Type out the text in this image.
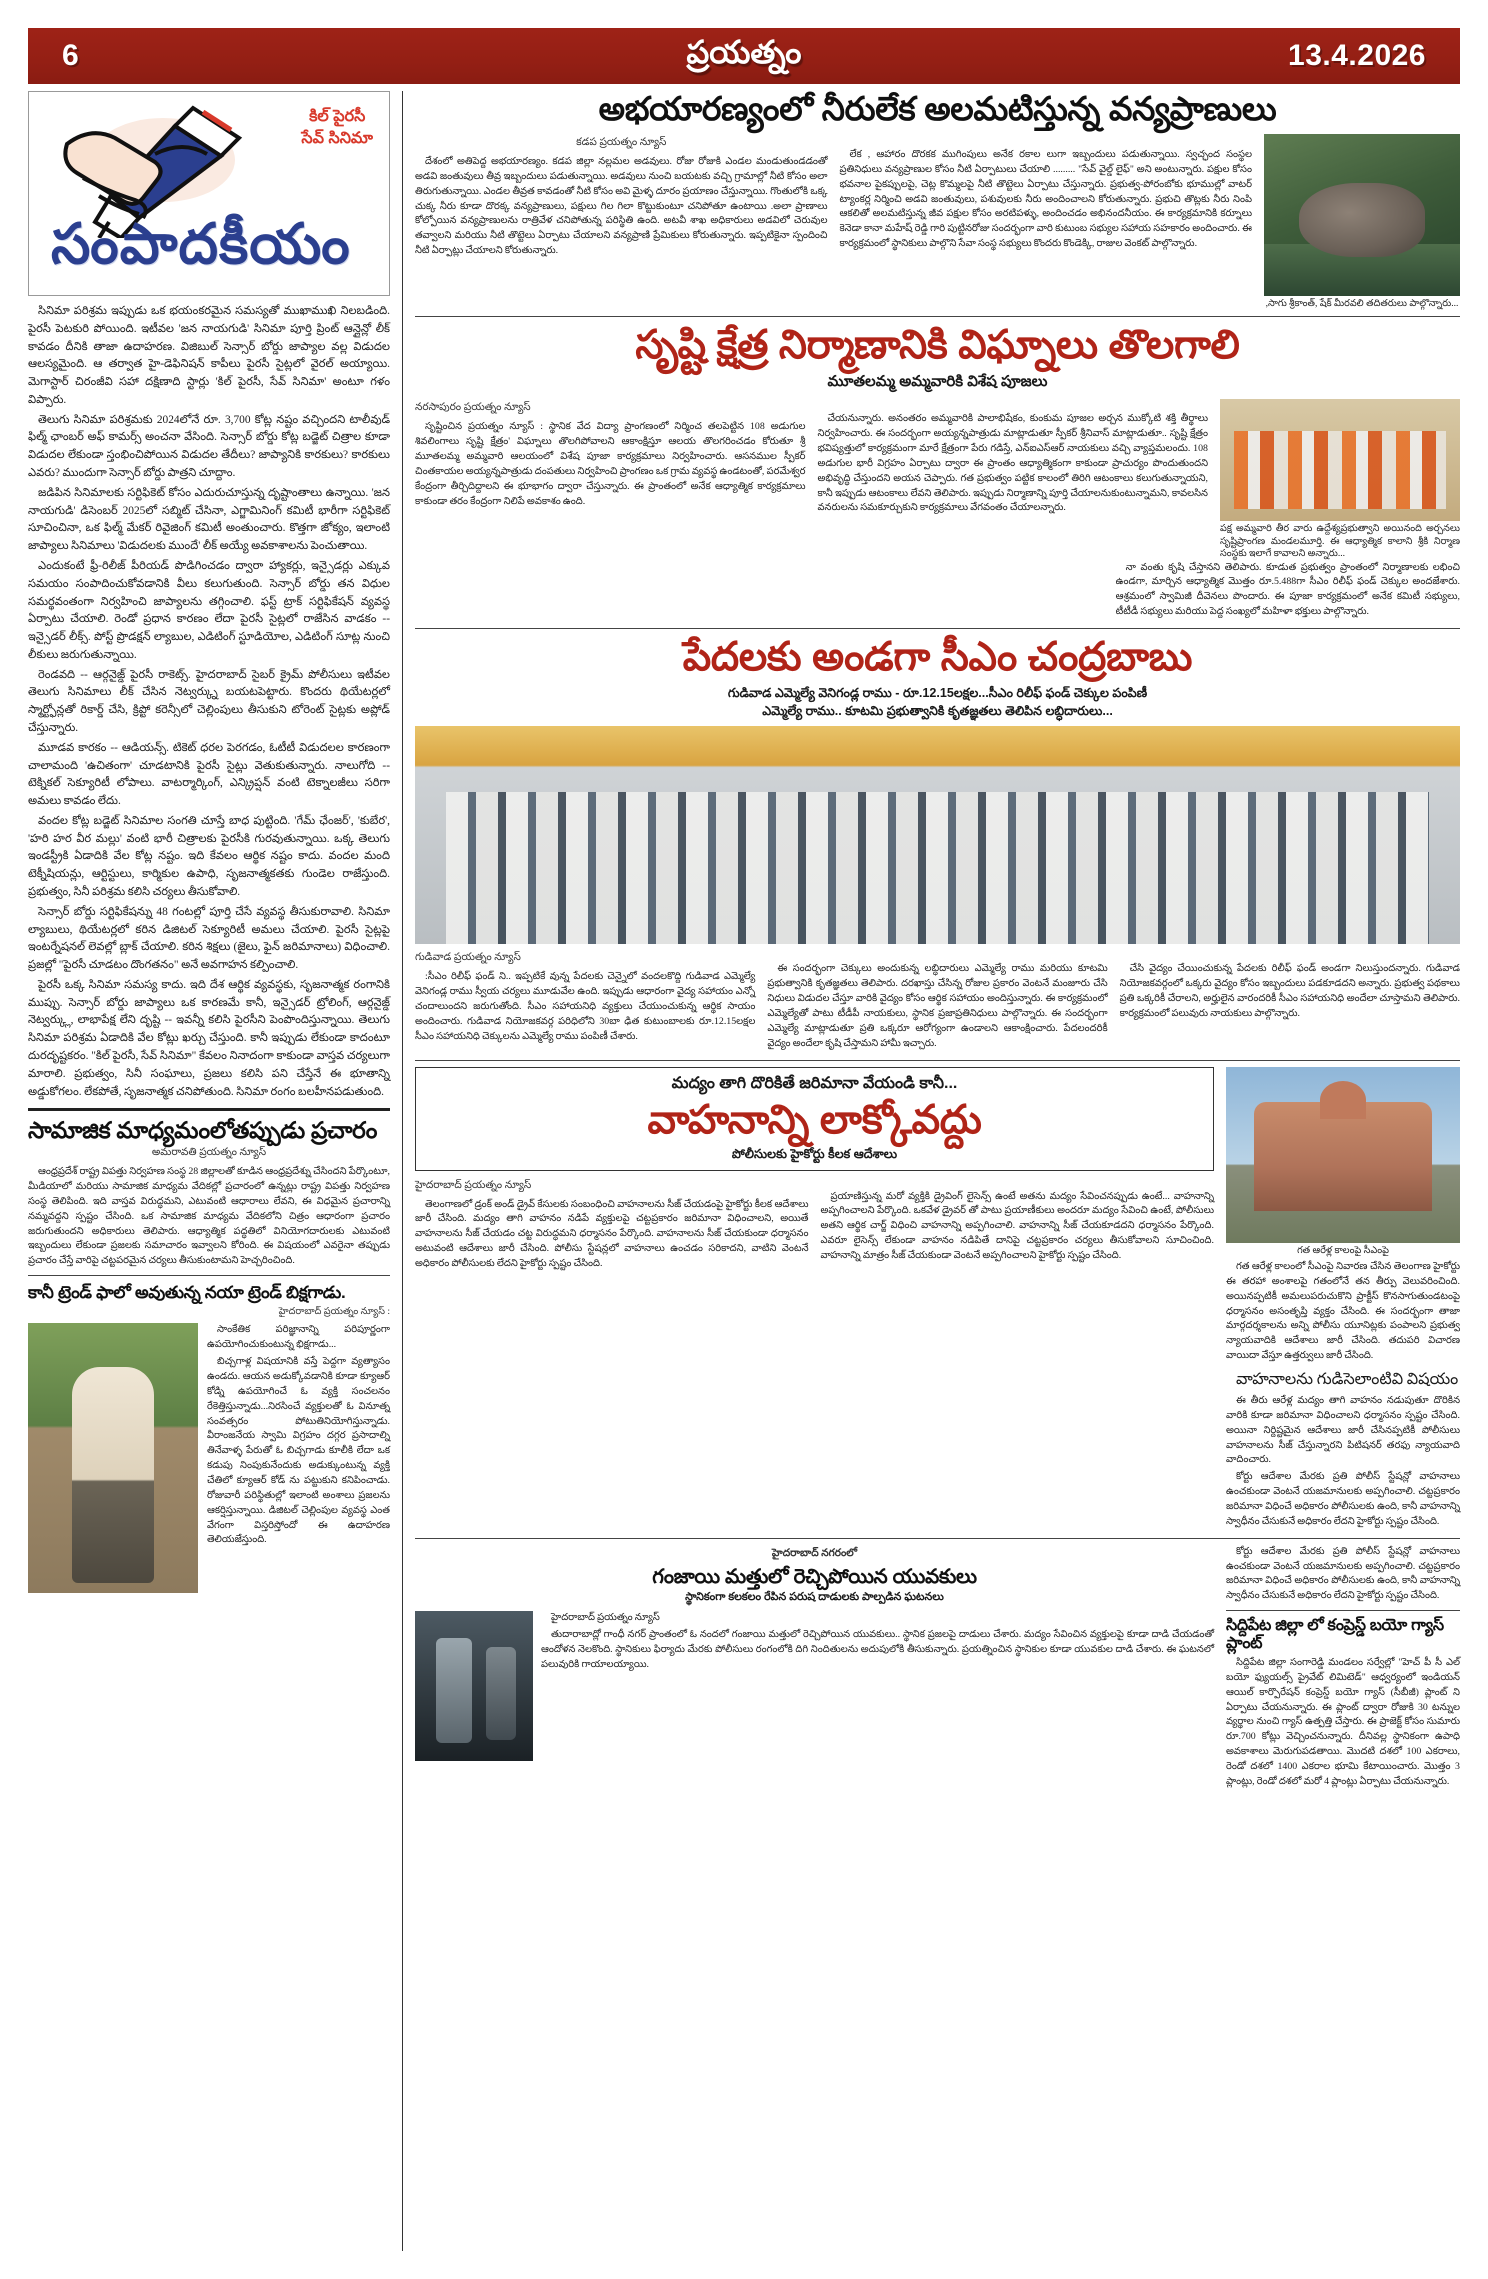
6	ప్రయత్నం	13.4.2026
కిల్ పైరసీ
సేవ్ సినిమా
సంపాదకీయం

సినిమా పరిశ్రమ ఇప్పుడు ఒక భయంకరమైన సమస్యతో ముఖాముఖి నిలబడింది. పైరసీ పెటకురి పోయింది. ఇటీవల 'జన నాయగుడి' సినిమా పూర్తి ప్రింట్ ఆన్లైన్లో లీక్ కావడం దీనికి తాజా ఉదాహరణ. విజిబుల్ సెన్సార్ బోర్డు జాప్యాల వల్ల విడుదల ఆలస్యమైంది. ఆ తర్వాత హై-డెఫినిషన్ కాపీలు పైరసీ సైట్లలో వైరల్ అయ్యాయి. మెగాస్టార్ చిరంజీవి సహా దక్షిణాది స్టార్లు 'కిల్ పైరసీ, సేవ్ సినిమా' అంటూ గళం విప్పారు.

తెలుగు సినిమా పరిశ్రమకు 2024లోనే రూ. 3,700 కోట్ల నష్టం వచ్చిందని టాలీవుడ్ ఫిల్మ్ ఛాంబర్ అఫ్ కామర్స్ అంచనా వేసింది. సెన్సార్ బోర్డు కోట్ల బడ్జెట్ చిత్రాల కూడా విడుదల లేకుండా స్తంభించిపోయిన విడుదల తేదీలు? జాప్యానికి కారకులు? కారకులు ఎవరు? ముందుగా సెన్సార్ బోర్డు పాత్రని చూద్దాం.

జడిపిన సినిమాలకు సర్టిఫికెట్ కోసం ఎదురుచూస్తున్న దృష్టాంతాలు ఉన్నాయి. 'జన నాయగుడి' డిసెంబర్ 2025లో సబ్మిట్ చేసినా, ఎగ్జామినింగ్ కమిటీ భారీగా సర్టిఫికెట్ సూచించినా, ఒక ఫిల్మ్ మేకర్ రివైజింగ్ కమిటీ అంతుంచారు. కొత్తగా జోక్యం, ఇలాంటి జాప్యాలు సినిమాలు 'విడుదలకు ముందే' లీక్ అయ్యే అవకాశాలను పెంచుతాయి.

ఎందుకంటే ఫ్రీ-రిలీజ్ పీరియడ్ పొడిగించడం ద్వారా హ్యాకర్లు, ఇన్సైడర్లు ఎక్కువ సమయం సంపాదించుకోవడానికి వీలు కలుగుతుంది. సెన్సార్ బోర్డు తన విధుల సమర్థవంతంగా నిర్వహించి జాప్యాలను తగ్గించాలి. ఫస్ట్ ట్రాక్ సర్టిఫికేషన్ వ్యవస్థ ఏర్పాటు చేయాలి. రెండో ప్రధాన కారణం లేదా పైరసీ సైట్లలో రాజేసిన వాడకం -- ఇన్సైడర్ లీక్స్. పోస్ట్ ప్రొడక్షన్ ల్యాబుల, ఎడిటింగ్ స్టూడియోల, ఎడిటింగ్ సూట్ల నుంచి లీకులు జరుగుతున్నాయి.

రెండవది -- ఆర్గనైజ్డ్ పైరసీ రాకెట్స్. హైదరాబాద్ సైబర్ క్రైమ్ పోలీసులు ఇటీవల తెలుగు సినిమాలు లీక్ చేసిన నెట్వర్క్ను బయటపెట్టారు. కొందరు థియేటర్లలో స్మార్ట్ఫోన్లతో రికార్డ్ చేసి, క్రిప్టో కరెన్సీలో చెల్లింపులు తీసుకుని టోరెంట్ సైట్లకు అప్లోడ్ చేస్తున్నారు.

మూడవ కారకం -- ఆడియన్స్. టికెట్ ధరల పెరగడం, ఓటీటీ విడుదలల కారణంగా చాలామంది 'ఉచితంగా' చూడటానికి పైరసీ సైట్లు వెతుకుతున్నారు. నాలుగోది -- టెక్నికల్ సెక్యూరిటీ లోపాలు. వాటర్మార్కింగ్, ఎన్క్రిప్షన్ వంటి టెక్నాలజీలు సరిగా అమలు కావడం లేదు.

వందల కోట్ల బడ్జెట్ సినిమాల సంగతి చూస్తే బాధ పుట్టింది. 'గేమ్ ఛేంజర్', 'కుబేర', 'హరి హర వీర మల్లు' వంటి భారీ చిత్రాలకు పైరసీకి గురవుతున్నాయి. ఒక్క తెలుగు ఇండస్ట్రీకి ఏడాదికి వేల కోట్ల నష్టం. ఇది కేవలం ఆర్థిక నష్టం కాదు. వందల మంది టెక్నీషియన్లు, ఆర్టిస్టులు, కార్మికుల ఉపాధి, సృజనాత్మకతకు గుండెల రాజేస్తుంది. ప్రభుత్వం, సినీ పరిశ్రమ కలిసి చర్యలు తీసుకోవాలి.

సెన్సార్ బోర్డు సర్టిఫికేషన్ను 48 గంటల్లో పూర్తి చేసే వ్యవస్థ తీసుకురావాలి. సినిమా ల్యాబులు, థియేటర్లలో కరిన డిజిటల్ సెక్యూరిటీ అమలు చేయాలి. పైరసీ సైట్లపై ఇంటర్నేషనల్ లెవల్లో బ్లాక్ చేయాలి. కరిన శిక్షలు (జైలు, ఫైన్ జరిమానాలు) విధించాలి. ప్రజల్లో "పైరసీ చూడటం దొంగతనం" అనే అవగాహన కల్పించాలి.

పైరసీ ఒక్క సినిమా సమస్య కాదు. ఇది దేశ ఆర్థిక వ్యవస్థకు, సృజనాత్మక రంగానికి ముప్పు. సెన్సార్ బోర్డు జాప్యాలు ఒక కారణమే కానీ, ఇన్సైడర్ ట్రోలింగ్, ఆర్గనైజ్డ్ నెట్వర్క్లు, లాభాపేక్ష లేని దృష్టి -- ఇవన్నీ కలిసి పైరసీని పెంపొందిస్తున్నాయి. తెలుగు సినిమా పరిశ్రమ ఏడాదికి వేల కోట్లు ఖర్చు చేస్తుంది. కానీ ఇప్పుడు లేకుండా కాదంటూ దురదృష్టకరం. "కిల్ పైరసీ, సేవ్ సినిమా" కేవలం నినాదంగా కాకుండా వాస్తవ చర్యలుగా మారాలి. ప్రభుత్వం, సినీ సంఘాలు, ప్రజలు కలిసి పని చేస్తేనే ఈ భూతాన్ని అడ్డుకోగలం. లేకపోతే, సృజనాత్మక చనిపోతుంది. సినిమా రంగం బలహీనపడుతుంది.

సామాజిక మాధ్యమంలోతప్పుడు ప్రచారం
అమరావతి ప్రయత్నం న్యూస్

ఆంధ్రప్రదేశ్ రాష్ట్ర విపత్తు నిర్వహణ సంస్థ 28 జిల్లాలతో కూడిన ఆంధ్రప్రదేశ్ను చేసిందని పేర్కొంటూ, మీడియాలో మరియు సామాజిక మాధ్యమ వేదికల్లో ప్రచారంలో ఉన్నట్లు రాష్ట్ర విపత్తు నిర్వహణ సంస్థ తెలిపింది. ఇది వాస్తవ విరుద్ధమని, ఎటువంటి ఆధారాలు లేవని, ఈ విధమైన ప్రచారాన్ని నమ్మవద్దని స్పష్టం చేసింది. ఒక సామాజిక మాధ్యమ వేదికలోని చిత్రం ఆధారంగా ప్రచారం జరుగుతుందని అధికారులు తెలిపారు. ఆధ్యాత్మిక పద్ధతిలో వినియోగదారులకు ఎటువంటి ఇబ్బందులు లేకుండా ప్రజలకు సమాచారం ఇవ్వాలని కోరింది. ఈ విషయంలో ఎవరైనా తప్పుడు ప్రచారం చేస్తే వారిపై చట్టపరమైన చర్యలు తీసుకుంటామని హెచ్చరించింది.

కానీ ట్రెండ్ ఫాలో అవుతున్న నయా ట్రెండ్ బిక్షగాడు.
హైదరాబాద్ ప్రయత్నం న్యూస్ :

సాంకేతిక పరిజ్ఞానాన్ని పరిపూర్ణంగా ఉపయోగించుకుంటున్న భిక్షగాడు...

బిచ్చగాళ్ల విషయానికి వస్తే పెద్దగా వ్యత్యాసం ఉండదు. ఆయన అడుక్కోవడానికి కూడా క్యూఆర్ కోడ్ని ఉపయోగించే ఓ వ్యక్తి సంచలనం రేకెత్తిస్తున్నాడు...నిరసించే వ్యక్తులతో ఓ వినూత్న సంవత్సరం పోటుతినియోగిస్తున్నాడు. వీరాంజనేయ స్వామి విగ్రహం దగ్గర ప్రసాదాల్ని తినేవాళ్ళ పేరుతో ఓ బిచ్చగాడు కూలీకి లేదా ఒక కడుపు నింపుకునేందుకు అడుక్కుంటున్న వ్యక్తి చేతిలో క్యూఆర్ కోడ్ ను పట్టుకుని కనిపించాడు. రోజువారీ పరిస్థితుల్లో ఇలాంటి అంశాలు ప్రజలను ఆకర్షిస్తున్నాయి. డిజిటల్ చెల్లింపుల వ్యవస్థ ఎంత వేగంగా విస్తరిస్తోందో ఈ ఉదాహరణ తెలియజేస్తుంది.

అభయారణ్యంలో నీరులేక అలమటిస్తున్న వన్యప్రాణులు
కడప ప్రయత్నం న్యూస్

దేశంలో అతిపెద్ద అభయారణ్యం. కడప జిల్లా నల్లమల అడవులు. రోజు రోజుకి ఎండల మండుతుండడంతో అడవి జంతువులు తీవ్ర ఇబ్బందులు పడుతున్నాయి. అడవులు నుంచి బయటకు వచ్చి గ్రామాల్లో నీటి కోసం అలా తిరుగుతున్నాయి. ఎండల తీవ్రత కావడంతో నీటి కోసం అవి మైళ్ళ దూరం ప్రయాణం చేస్తున్నాయి. గొంతులోకి ఒక్క చుక్క నీరు కూడా దొరక్క వన్యప్రాణులు, పక్షులు గిల గిలా కొట్టుకుంటూ చనిపోతూ ఉంటాయి .అలా ప్రాణాలు కోల్పోయిన వన్యప్రాణులను రాత్రివేళ చనిపోతున్న పరిస్థితి ఉంది. అటవీ శాఖ అధికారులు అడవిలో చెరువుల తవ్వాలని మరియు నీటి తొట్టెలు ఏర్పాటు చేయాలని వన్యప్రాణి ప్రేమికులు కోరుతున్నారు. ఇప్పటికైనా స్పందించి నీటి ఏర్పాట్లు చేయాలని కోరుతున్నారు.

లేక , ఆహారం దొరకక ముగింపులు అనేక రకాల లుగా ఇబ్బందులు పడుతున్నాయి. స్వచ్ఛంద సంస్థల ప్రతినిధులు వన్యప్రాణుల కోసం నీటి ఏర్పాటులు చేయాలి ......... "సేవ్ వైల్డ్ లైఫ్" అని అంటున్నారు. పక్షుల కోసం భవనాల పైకప్పులపై, చెట్ల కొమ్మలపై నీటి తొట్టెలు ఏర్పాటు చేస్తున్నారు. ప్రభుత్వ-పోరంబోకు భూముల్లో వాటర్ ట్యాంకర్ల నిర్మించి అడవి జంతువులు, పశువులకు నీరు అందించాలని కోరుతున్నారు. ప్రభుచి తొట్లకు నీరు నింపి ఆకలితో అలమటిస్తున్న జీవ పక్షుల కోసం అరటిపళ్ళు, అందించడం అభినందనీయం. ఈ కార్యక్రమానికి కర్నూలు కెనెడా కానా మహేష్ రెడ్డి గారి పుట్టినరోజు సందర్భంగా వారి కుటుంబ సభ్యుల సహాయ సహకారం అందించారు. ఈ కార్యక్రమంలో స్థానికులు పాల్గొని సేవా సంస్థ సభ్యులు కొందరు కొండెక్కి, రాజుల వెంకట్ పాల్గొన్నారు.

,సాగు శ్రీకాంత్, షేక్ మీరవలి తదితరులు పాల్గొన్నారు...
సృష్టి క్షేత్ర నిర్మాణానికి విఘ్నాలు తొలగాలి
మూతలమ్మ అమ్మవారికి విశేష పూజలు
నరసాపురం ప్రయత్నం న్యూస్

సృష్టించిన ప్రయత్నం న్యూస్ : స్థానిక వేద విద్యా ప్రాంగణంలో నిర్మించ తలపెట్టిన 108 అడుగుల శివలింగాలు సృష్టి క్షేత్రం' విఘ్నాలు తొలగిపోవాలని ఆకాంక్షిస్తూ ఆలయ తొలగరించడం కోరుతూ శ్రీ మూతలమ్మ అమ్మవారి ఆలయంలో విశేష పూజా కార్యక్రమాలు నిర్వహించారు. ఆసనముల స్పీకర్ చింతకాయల అయ్యన్నపాత్రుడు దంపతులు నిర్వహించి ప్రాంగణం ఒక గ్రామ వ్యవస్థ ఉండటంతో, పరమేశ్వర కేంద్రంగా తీర్చిదిద్దాలని ఈ భూభాగం ద్వారా చేస్తున్నారు. ఈ ప్రాంతంలో అనేక ఆధ్యాత్మిక కార్యక్రమాలు కాకుండా తరం కేంద్రంగా నిలిపే అవకాశం ఉంది.

చేయనున్నారు. అనంతరం అమ్మవారికి పాలాభిషేకం, కుంకుమ పూజల అర్చన ముక్కోటి శక్తి తీర్థాలు నిర్వహించారు. ఈ సందర్భంగా అయ్యన్నపాత్రుడు మాట్లాడుతూ స్పీకర్ శ్రీనివాస్ మాట్లాడుతూ.. సృష్టి క్షేత్రం భవిష్యత్తులో కార్యక్రమంగా మారే క్షేత్రంగా పేరు గడిస్తే, ఎన్ఐఎస్ఆర్ నాయకులు వచ్చి వ్యాప్తమలందు. 108 అడుగుల భారీ విగ్రహం ఏర్పాటు ద్వారా ఈ ప్రాంతం ఆధ్యాత్మికంగా కాకుండా ప్రాచుర్యం పొందుతుందని అభివృద్ధి చేస్తుందని అయన చెప్పారు. గత ప్రభుత్వం పట్టిక కాలంలో తిరిగి ఆటంకాలు కలుగుతున్నాయని, కానీ ఇప్పుడు ఆటంకాలు లేవని తెలిపారు. ఇప్పుడు నిర్మాణాన్ని పూర్తి చేయాలనుకుంటున్నామని, కావలసిన వనరులను సమకూర్చుకుని కార్యక్రమాలు వేగవంతం చేయాలన్నారు.

పక్ష అమ్మవారి తీర వారు ఉద్దేశ్యప్రభుత్వాని అయినంది అర్చనలు సృష్టిప్రాంగణ మండలమూర్తి. ఈ ఆధ్యాత్మిక కాలాని శ్రీకి నిర్మాణ సంస్థకు ఇలాగే కావాలని అన్నారు...

నా వంతు కృషి చేస్తానని తెలిపారు. కూడుత ప్రభుత్వం ప్రాంతంలో నిర్మాణాలకు లభించి ఉండగా, మార్చిన ఆధ్యాత్మిక మొత్తం రూ.5.488గా సీఎం రిలీఫ్ ఫండ్ చెక్కుల అందజేశారు. ఆశ్రమంలో స్వామిజీ దీవెనలు పొందారు. ఈ పూజా కార్యక్రమంలో అనేక కమిటీ సభ్యులు, టీటీడీ సభ్యులు మరియు పెద్ద సంఖ్యలో మహిళా భక్తులు పాల్గొన్నారు.

పేదలకు అండగా సీఎం చంద్రబాబు
గుడివాడ ఎమ్మెల్యే వెనిగండ్ల రాము - రూ.12.15లక్షల...సీఎం రిలీఫ్ ఫండ్ చెక్కుల పంపిణీ
ఎమ్మెల్యే రాము.. కూటమి ప్రభుత్వానికి కృతజ్ఞతలు తెలిపిన లబ్ధిదారులు...
గుడివాడ ప్రయత్నం న్యూస్

:సీఎం రిలీఫ్ ఫండ్ ని.. ఇప్పటికే వున్న పేదలకు చెన్నైలో వందలకొద్ది గుడివాడ ఎమ్మెల్యే వెనిగండ్ల రాము స్వీయ చర్యలు మూడువేల ఉంది. ఇప్పుడు ఆధారంగా వైద్య సహాయం ఎన్నో చందాలుందని జరుగుతోంది. సీఎం సహాయనిధి వ్యక్తులు చేయుంచుకున్న ఆర్థిక సాయం అందించారు. గుడివాడ నియోజకవర్గ పరిధిలోని 30బా ఢిత కుటుంబాలకు రూ.12.15లక్షల సీఎం సహాయనిధి చెక్కులను ఎమ్మెల్యే రాము పంపిణీ చేశారు.

ఈ సందర్భంగా చెక్కులు అందుకున్న లబ్ధిదారులు ఎమ్మెల్యే రాము మరియు కూటమి ప్రభుత్వానికి కృతజ్ఞతలు తెలిపారు. దరఖాస్తు చేసిన్న రోజుల ప్రకారం వెంటనే మంజూరు చేసి నిధులు విడుదల చేస్తూ వారికి వైద్యం కోసం ఆర్థిక సహాయం అందిస్తున్నారు. ఈ కార్యక్రమంలో ఎమ్మెల్యేతో పాటు టీడీపీ నాయకులు, స్థానిక ప్రజాప్రతినిధులు పాల్గొన్నారు. ఈ సందర్భంగా ఎమ్మెల్యే మాట్లాడుతూ ప్రతి ఒక్కరూ ఆరోగ్యంగా ఉండాలని ఆకాంక్షించారు. పేదలందరికీ వైద్యం అందేలా కృషి చేస్తామని హామీ ఇచ్చారు.

చేసి వైద్యం చేయించుకున్న పేదలకు రిలీఫ్ ఫండ్ అండగా నిలుస్తుందన్నారు. గుడివాడ నియోజకవర్గంలో ఒక్కరు వైద్యం కోసం ఇబ్బందులు పడకూడదని అన్నారు. ప్రభుత్వ పథకాలు ప్రతి ఒక్కరికీ చేరాలని, అర్హులైన వారందరికీ సీఎం సహాయనిధి అందేలా చూస్తామని తెలిపారు. కార్యక్రమంలో పలువురు నాయకులు పాల్గొన్నారు.

మద్యం తాగి దొరికితే జరిమానా వేయండి కానీ...
వాహనాన్ని లాక్కోవద్దు
పోలీసులకు హైకోర్టు కీలక ఆదేశాలు
హైదరాబాద్ ప్రయత్నం న్యూస్

తెలంగాణలో డ్రంక్ అండ్ డ్రైవ్ కేసులకు సంబంధించి వాహనాలను సీజ్ చేయడంపై హైకోర్టు కీలక ఆదేశాలు జారీ చేసింది. మద్యం తాగి వాహనం నడిపే వ్యక్తులపై చట్టప్రకారం జరిమానా విధించాలని, అయితే వాహనాలను సీజ్ చేయడం చట్ట విరుద్ధమని ధర్మాసనం పేర్కొంది. వాహనాలను సీజ్ చేయకుండా ధర్మాసనం అటువంటి ఆదేశాలు జారీ చేసింది. పోలీసు స్టేషన్లలో వాహనాలు ఉంచడం సరికాదని, వాటిని వెంటనే అధికారం పోలీసులకు లేదని హైకోర్టు స్పష్టం చేసింది.

ప్రయాణిస్తున్న మరో వ్యక్తికి డ్రైవింగ్ లైసెన్స్ ఉంటే అతను మద్యం సేవించనప్పుడు ఉంటే... వాహనాన్ని అప్పగించాలని పేర్కొంది. ఒకవేళ డ్రైవర్ తో పాటు ప్రయాణీకులు అందరూ మద్యం సేవించి ఉంటే, పోలీసులు అతని ఆర్థిక చార్జ్ విధించి వాహనాన్ని అప్పగించాలి. వాహనాన్ని సీజ్ చేయకూడదని ధర్మాసనం పేర్కొంది. ఎవరూ లైసెన్స్ లేకుండా వాహనం నడిపితే దానిపై చట్టప్రకారం చర్యలు తీసుకోవాలని సూచించింది. వాహనాన్ని మాత్రం సీజ్ చేయకుండా వెంటనే అప్పగించాలని హైకోర్టు స్పష్టం చేసింది.	గత ఆరేళ్ల కాలంపై సీఎంపై

గత ఆరేళ్ల కాలంలో సీఎంపై నివారణ చేసిన తెలంగాణ హైకోర్టు ఈ తరహా అంశాలపై గతంలోనే తన తీర్పు వెలువరించింది. అయినప్పటికీ అమలుపరుచుకొని ప్రాక్టీస్ కొనసాగుతుండటంపై ధర్మాసనం అసంతృప్తి వ్యక్తం చేసింది. ఈ సందర్భంగా తాజా మార్గదర్శకాలను అన్ని పోలీసు యూనిట్లకు పంపాలని ప్రభుత్వ న్యాయవాదికి ఆదేశాలు జారీ చేసింది. తదుపరి విచారణ వాయిదా వేస్తూ ఉత్తర్వులు జారీ చేసింది.

వాహనాలను గుడిసెలాంటివి విషయం

ఈ తీరు ఆరేళ్ల మద్యం తాగి వాహనం నడుపుతూ దొరికిన వారికి కూడా జరిమానా విధించాలని ధర్మాసనం స్పష్టం చేసింది. అయినా నిర్దిష్టమైన ఆదేశాలు జారీ చేసినప్పటికీ పోలీసులు వాహనాలను సీజ్ చేస్తున్నారని పిటిషనర్ తరఫు న్యాయవాది వాదించారు.

కోర్టు ఆదేశాల మేరకు ప్రతి పోలీస్ స్టేషన్లో వాహనాలు ఉంచకుండా వెంటనే యజమానులకు అప్పగించాలి. చట్టప్రకారం జరిమానా విధించే అధికారం పోలీసులకు ఉంది, కానీ వాహనాన్ని స్వాధీనం చేసుకునే అధికారం లేదని హైకోర్టు స్పష్టం చేసింది.

హైదరాబాద్ నగరంలో
గంజాయి మత్తులో రెచ్చిపోయిన యువకులు
స్థానికంగా కలకలం రేపిన పరుష దాడులకు పాల్పడిన ఘటనలు

హైదరాబాద్ ప్రయత్నం న్యూస్

తుదారాబాద్లో గాంధీ నగర్ ప్రాంతంలో ఓ నందలో గంజాయి మత్తులో రెచ్చిపోయిన యువకులు.. స్థానిక ప్రజలపై దాడులు చేశారు. మద్యం సేవించిన వ్యక్తులపై కూడా దాడి చేయడంతో ఆందోళన నెలకొంది. స్థానికులు ఫిర్యాదు మేరకు పోలీసులు రంగంలోకి దిగి నిందితులను అదుపులోకి తీసుకున్నారు. ప్రయత్నించిన స్థానికుల కూడా యువకుల దాడి చేశారు. ఈ ఘటనలో పలువురికి గాయాలయ్యాయి.

కోర్టు ఆదేశాల మేరకు ప్రతి పోలీస్ స్టేషన్లో వాహనాలు ఉంచకుండా వెంటనే యజమానులకు అప్పగించాలి. చట్టప్రకారం జరిమానా విధించే అధికారం పోలీసులకు ఉంది, కానీ వాహనాన్ని స్వాధీనం చేసుకునే అధికారం లేదని హైకోర్టు స్పష్టం చేసింది.

సిద్దిపేట జిల్లా లో కంప్రెస్డ్ బయో గ్యాస్ ప్లాంట్

సిద్దిపేట జిల్లా సంగారెడ్డి మండలం సర్వేల్లో "హెచ్ పీ సీ ఎల్ బయో ఫ్యుయల్స్ ప్రైవేట్ లిమిటెడ్" ఆధ్వర్యంలో ఇండియన్ ఆయిల్ కార్పొరేషన్ కంప్రెస్డ్ బయో గ్యాస్ (సీబీజీ) ప్లాంట్ ని ఏర్పాటు చేయనున్నారు. ఈ ప్లాంట్ ద్వారా రోజుకి 30 టన్నుల వ్యర్థాల నుంచి గ్యాస్ ఉత్పత్తి చేస్తారు. ఈ ప్రాజెక్ట్ కోసం సుమారు రూ.700 కోట్లు వెచ్చించనున్నారు. దీనివల్ల స్థానికంగా ఉపాధి అవకాశాలు మెరుగుపడతాయి. మొదటి దశలో 100 ఎకరాలు, రెండో దశలో 1400 ఎకరాల భూమి కేటాయించారు. మొత్తం 3 ప్లాంట్లు, రెండో దశలో మరో 4 ప్లాంట్లు ఏర్పాటు చేయనున్నారు.
